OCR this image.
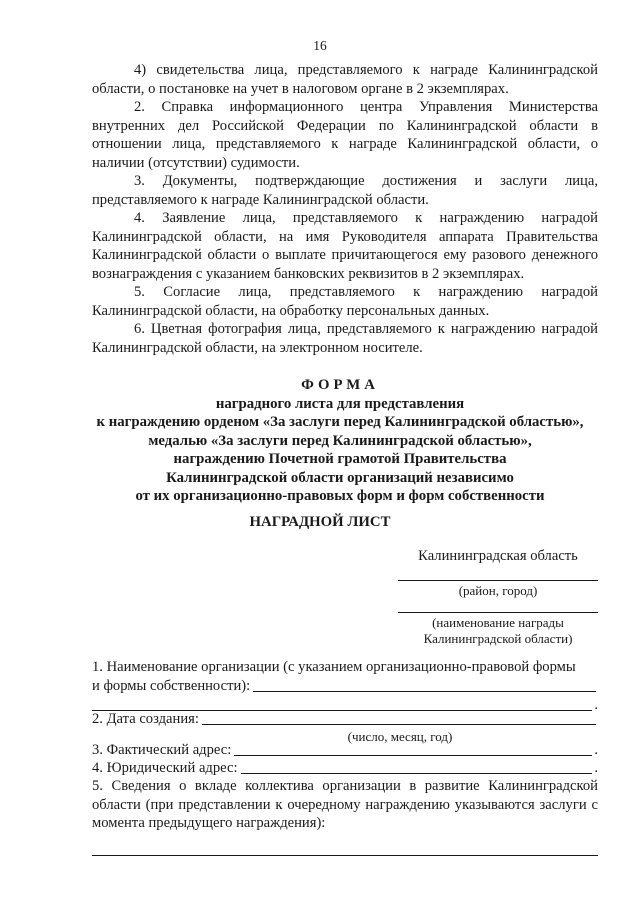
16

4) свидетельства лица, представляемого к награде Калининградской области, о постановке на учет в налоговом органе в 2 экземплярах.

2. Справка информационного центра Управления Министерства внутренних дел Российской Федерации по Калининградской области в отношении лица, представляемого к награде Калининградской области, о наличии (отсутствии) судимости.

3. Документы, подтверждающие достижения и заслуги лица, представляемого к награде Калининградской области.

4. Заявление лица, представляемого к награждению наградой Калининградской области, на имя Руководителя аппарата Правительства Калининградской области о выплате причитающегося ему разового денежного вознаграждения с указанием банковских реквизитов в 2 экземплярах.

5. Согласие лица, представляемого к награждению наградой Калининградской области, на обработку персональных данных.

6. Цветная фотография лица, представляемого к награждению наградой Калининградской области, на электронном носителе.

ФОРМА
наградного листа для представления
к награждению орденом «За заслуги перед Калининградской областью»,
медалью «За заслуги перед Калининградской областью»,
награждению Почетной грамотой Правительства
Калининградской области организаций независимо
от их организационно-правовых форм и форм собственности
НАГРАДНОЙ ЛИСТ
Калининградская область
(район, город)
(наименование награды
Калининградской области)
1. Наименование организации (с указанием организационно-правовой формы
и формы собственности):
.
2. Дата создания:
(число, месяц, год)
3. Фактический адрес:	.
4. Юридический адрес:	.

5. Сведения о вкладе коллектива организации в развитие Калининградской области (при представлении к очередному награждению указываются заслуги с момента предыдущего награждения):
